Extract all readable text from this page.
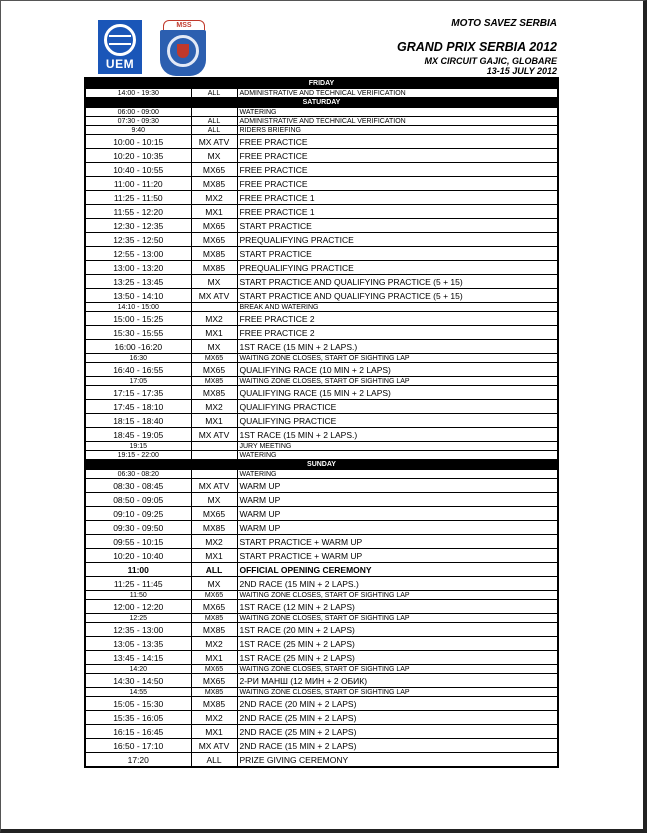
UEM
MSS	MOTO SAVEZ SERBIA
GRAND PRIX SERBIA 2012
MX CIRCUIT GAJIC, GLOBARE
13-15 JULY 2012
FRIDAY		
14:00 - 19:30	ALL	ADMINISTRATIVE AND TECHNICAL VERIFICATION
SATURDAY		
06:00 - 09:00		WATERING
07:30 - 09:30	ALL	ADMINISTRATIVE AND TECHNICAL VERIFICATION
9:40	ALL	RIDERS BRIEFING
10:00 - 10:15	MX ATV	FREE PRACTICE
10:20 - 10:35	MX	FREE PRACTICE
10:40 - 10:55	MX65	FREE PRACTICE
11:00 - 11:20	MX85	FREE PRACTICE
11:25 - 11:50	MX2	FREE PRACTICE 1
11:55 - 12:20	MX1	FREE PRACTICE 1
12:30 - 12:35	MX65	START PRACTICE
12:35 - 12:50	MX65	PREQUALIFYING PRACTICE
12:55 - 13:00	MX85	START PRACTICE
13:00 - 13:20	MX85	PREQUALIFYING PRACTICE
13:25 - 13:45	MX	START PRACTICE AND QUALIFYING PRACTICE (5 + 15)
13:50 - 14:10	MX ATV	START PRACTICE AND QUALIFYING PRACTICE (5 + 15)
14:10 - 15:00		BREAK AND WATERING
15:00 - 15:25	MX2	FREE PRACTICE 2
15:30 - 15:55	MX1	FREE PRACTICE 2
16:00 -16:20	MX	1ST RACE (15 MIN + 2 LAPS.)
16:30	MX65	WAITING ZONE CLOSES, START OF SIGHTING LAP
16:40 - 16:55	MX65	QUALIFYING RACE (10 MIN + 2 LAPS)
17:05	MX85	WAITING ZONE CLOSES, START OF SIGHTING LAP
17:15 - 17:35	MX85	QUALIFYING RACE (15 MIN + 2 LAPS)
17:45 - 18:10	MX2	QUALIFYING PRACTICE
18:15 - 18:40	MX1	QUALIFYING PRACTICE
18:45 - 19:05	MX ATV	1ST RACE (15 MIN + 2 LAPS.)
19:15		JURY MEETING
19:15 - 22:00		WATERING
SUNDAY		
06:30 - 08:20		WATERING
08:30 - 08:45	MX ATV	WARM UP
08:50 - 09:05	MX	WARM UP
09:10 - 09:25	MX65	WARM UP
09:30 - 09:50	MX85	WARM UP
09:55 - 10:15	MX2	START PRACTICE + WARM UP
10:20 - 10:40	MX1	START PRACTICE + WARM UP
11:00	ALL	OFFICIAL OPENING CEREMONY
11:25 - 11:45	MX	2ND RACE (15 MIN + 2 LAPS.)
11:50	MX65	WAITING ZONE CLOSES, START OF SIGHTING LAP
12:00 - 12:20	MX65	1ST RACE (12 MIN + 2 LAPS)
12:25	MX85	WAITING ZONE CLOSES, START OF SIGHTING LAP
12:35 - 13:00	MX85	1ST RACE (20 MIN + 2 LAPS)
13:05 - 13:35	MX2	1ST RACE (25 MIN + 2 LAPS)
13:45 - 14:15	MX1	1ST RACE (25 MIN + 2 LAPS)
14:20	MX65	WAITING ZONE CLOSES, START OF SIGHTING LAP
14:30 - 14:50	MX65	2-РИ МАНШ (12 МИН + 2 ОБИК)
14:55	MX85	WAITING ZONE CLOSES, START OF SIGHTING LAP
15:05 - 15:30	MX85	2ND RACE (20 MIN + 2 LAPS)
15:35 - 16:05	MX2	2ND RACE (25 MIN + 2 LAPS)
16:15 - 16:45	MX1	2ND RACE (25 MIN + 2 LAPS)
16:50 - 17:10	MX ATV	2ND RACE (15 MIN + 2 LAPS)
17:20	ALL	PRIZE GIVING CEREMONY
